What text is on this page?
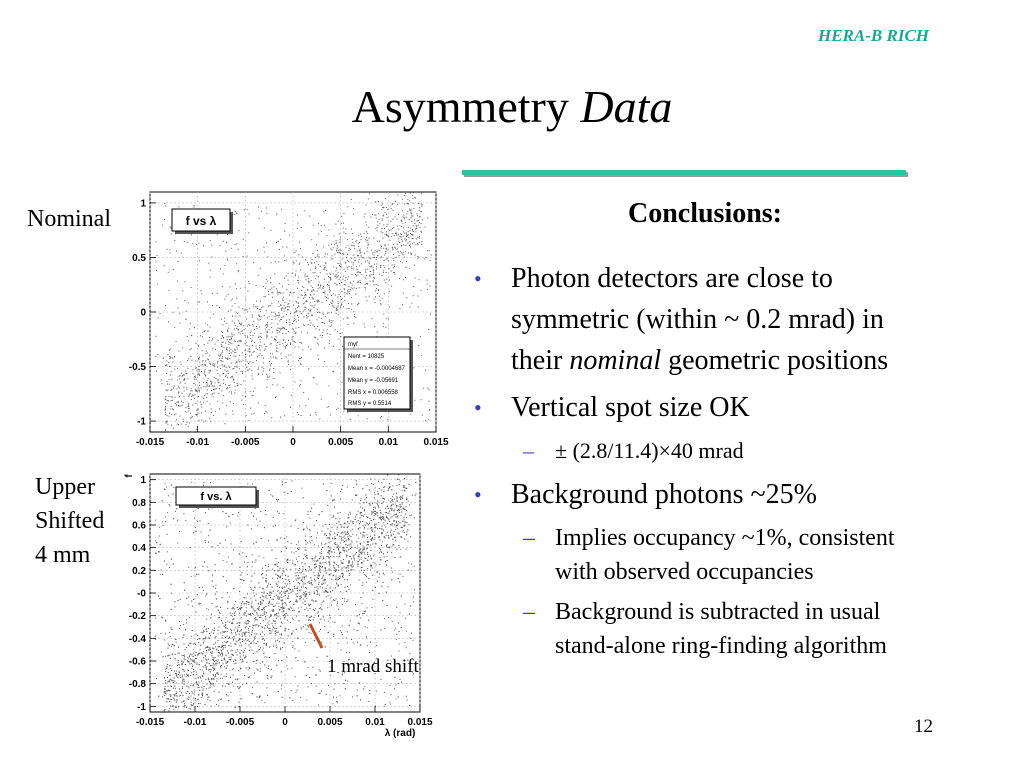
HERA-B RICH
Asymmetry Data
Nominal
Upper
Shifted
4 mm
-0.015 -0.01 -0.005	0	0.005	0.01	0.015
1
0.5
0
-0.5
-1
f vs λ
myf
Nent = 10825
Mean x = -0.0004687
Mean y = -0.05691
RMS x = 0.006558
RMS y = 0.5514
-0.015 -0.01 -0.005	0	0.005 0.01 0.015
1
0.8
0.6
0.4
0.2
-0
-0.2
-0.4
-0.6
-0.8
-1
f vs. λ
λ (rad)
f
1 mrad shift
Conclusions:
• Photon detectors are close to
symmetric (within ~ 0.2 mrad) in
their nominal geometric positions
• Vertical spot size OK
– ± (2.8/11.4)×40 mrad
• Background photons ~25%
– Implies occupancy ~1%, consistent
with observed occupancies
– Background is subtracted in usual
stand-alone ring-finding algorithm
12
